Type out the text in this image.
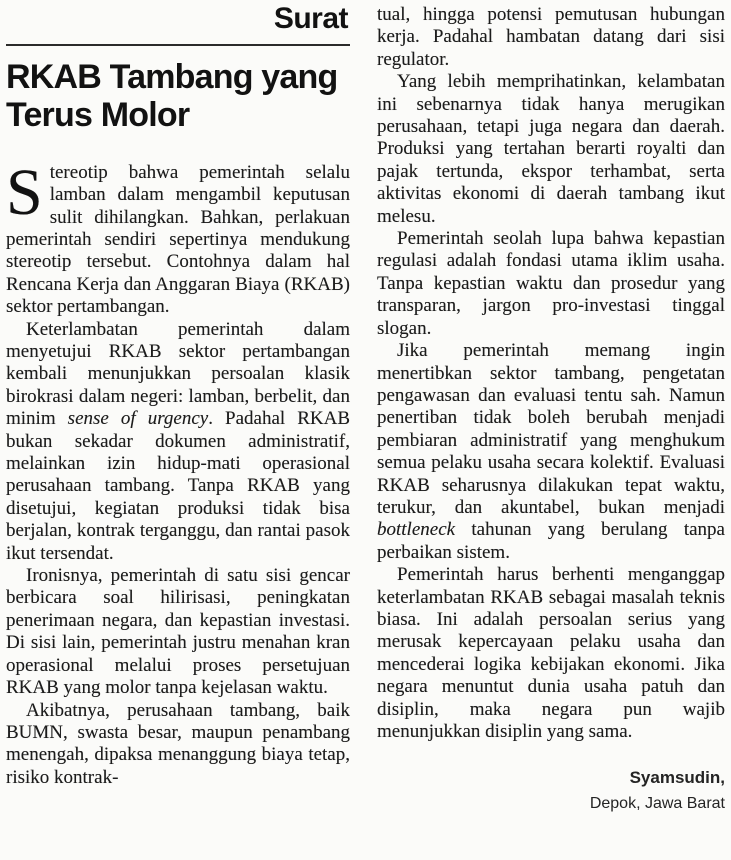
Surat
RKAB Tambang yang Terus Molor

Stereotip bahwa pemerintah selalu lamban dalam mengambil keputusan sulit dihilangkan. Bahkan, perlakuan pemerintah sendiri sepertinya mendukung stereotip tersebut. Contohnya dalam hal Rencana Kerja dan Anggaran Biaya (RKAB) sektor pertambangan.

Keterlambatan pemerintah dalam menyetujui RKAB sektor pertambangan kembali menunjukkan persoalan klasik birokrasi dalam negeri: lamban, berbelit, dan minim sense of urgency. Padahal RKAB bukan sekadar dokumen administratif, melainkan izin hidup-mati operasional perusahaan tambang. Tanpa RKAB yang disetujui, kegiatan produksi tidak bisa berjalan, kontrak terganggu, dan rantai pasok ikut tersendat.

Ironisnya, pemerintah di satu sisi gencar berbicara soal hilirisasi, peningkatan penerimaan negara, dan kepastian investasi. Di sisi lain, pemerintah justru menahan kran operasional melalui proses persetujuan RKAB yang molor tanpa kejelasan waktu.

Akibatnya, perusahaan tambang, baik BUMN, swasta besar, maupun penambang menengah, dipaksa menanggung biaya tetap, risiko kontrak-

tual, hingga potensi pemutusan hubungan kerja. Padahal hambatan datang dari sisi regulator.

Yang lebih memprihatinkan, kelambatan ini sebenarnya tidak hanya merugikan perusahaan, tetapi juga negara dan daerah. Produksi yang tertahan berarti royalti dan pajak tertunda, ekspor terhambat, serta aktivitas ekonomi di daerah tambang ikut melesu.

Pemerintah seolah lupa bahwa kepastian regulasi adalah fondasi utama iklim usaha. Tanpa kepastian waktu dan prosedur yang transparan, jargon pro-investasi tinggal slogan.

Jika pemerintah memang ingin menertibkan sektor tambang, pengetatan pengawasan dan evaluasi tentu sah. Namun penertiban tidak boleh berubah menjadi pembiaran administratif yang menghukum semua pelaku usaha secara kolektif. Evaluasi RKAB seharusnya dilakukan tepat waktu, terukur, dan akuntabel, bukan menjadi bottleneck tahunan yang berulang tanpa perbaikan sistem.

Pemerintah harus berhenti menganggap keterlambatan RKAB sebagai masalah teknis biasa. Ini adalah persoalan serius yang merusak kepercayaan pelaku usaha dan mencederai logika kebijakan ekonomi. Jika negara menuntut dunia usaha patuh dan disiplin, maka negara pun wajib menunjukkan disiplin yang sama.

Syamsudin,
Depok, Jawa Barat
